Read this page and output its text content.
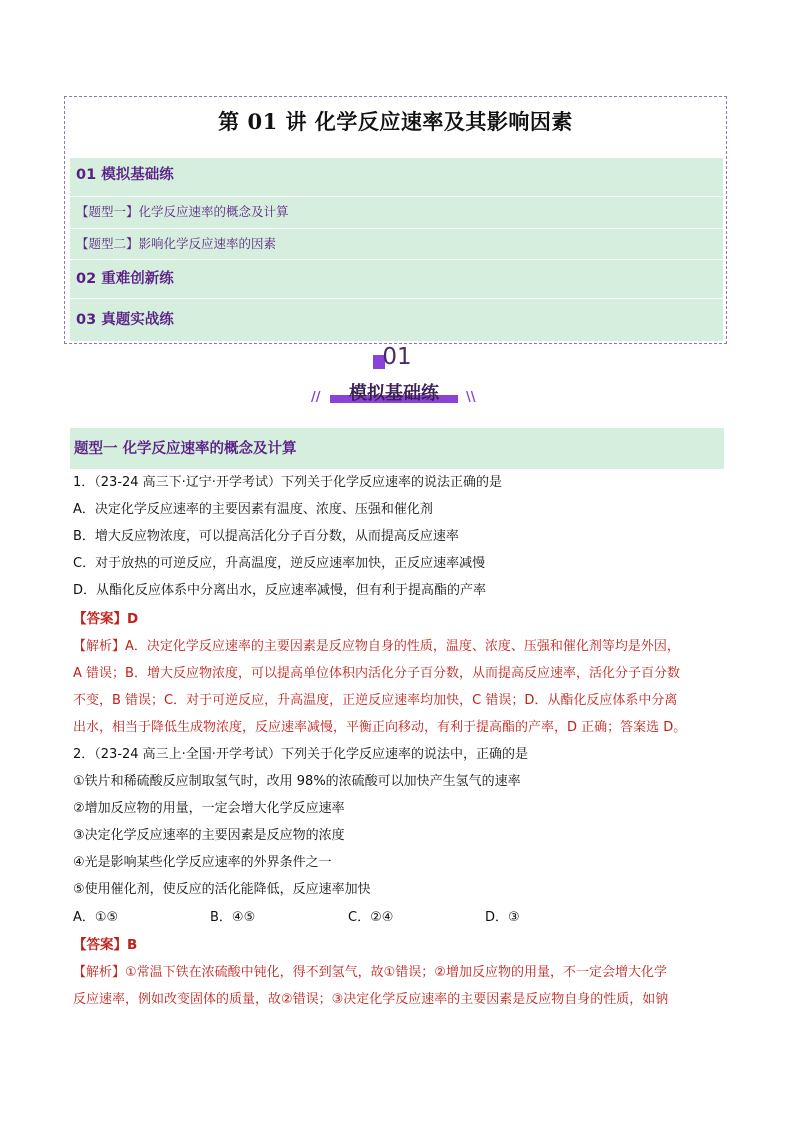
第 01 讲 化学反应速率及其影响因素
01 模拟基础练
【题型一】化学反应速率的概念及计算
【题型二】影响化学反应速率的因素
02 重难创新练
03 真题实战练
01
//	模拟基础练	\\
题型一 化学反应速率的概念及计算
1．（23-24 高三下·辽宁·开学考试）下列关于化学反应速率的说法正确的是
A．决定化学反应速率的主要因素有温度、浓度、压强和催化剂
B．增大反应物浓度，可以提高活化分子百分数，从而提高反应速率
C．对于放热的可逆反应，升高温度，逆反应速率加快，正反应速率减慢
D．从酯化反应体系中分离出水，反应速率减慢，但有利于提高酯的产率
【答案】D
【解析】A．决定化学反应速率的主要因素是反应物自身的性质，温度、浓度、压强和催化剂等均是外因，
A 错误；B．增大反应物浓度，可以提高单位体积内活化分子百分数，从而提高反应速率，活化分子百分数
不变，B 错误；C．对于可逆反应，升高温度，正逆反应速率均加快，C 错误；D．从酯化反应体系中分离
出水，相当于降低生成物浓度，反应速率减慢，平衡正向移动，有利于提高酯的产率，D 正确；答案选 D。
2．（23-24 高三上·全国·开学考试）下列关于化学反应速率的说法中，正确的是
①铁片和稀硫酸反应制取氢气时，改用 98%的浓硫酸可以加快产生氢气的速率
②增加反应物的用量，一定会增大化学反应速率
③决定化学反应速率的主要因素是反应物的浓度
④光是影响某些化学反应速率的外界条件之一
⑤使用催化剂，使反应的活化能降低，反应速率加快
A．①⑤	B．④⑤	C．②④	D．③
【答案】B
【解析】①常温下铁在浓硫酸中钝化，得不到氢气，故①错误；②增加反应物的用量，不一定会增大化学
反应速率，例如改变固体的质量，故②错误；③决定化学反应速率的主要因素是反应物自身的性质，如钠
